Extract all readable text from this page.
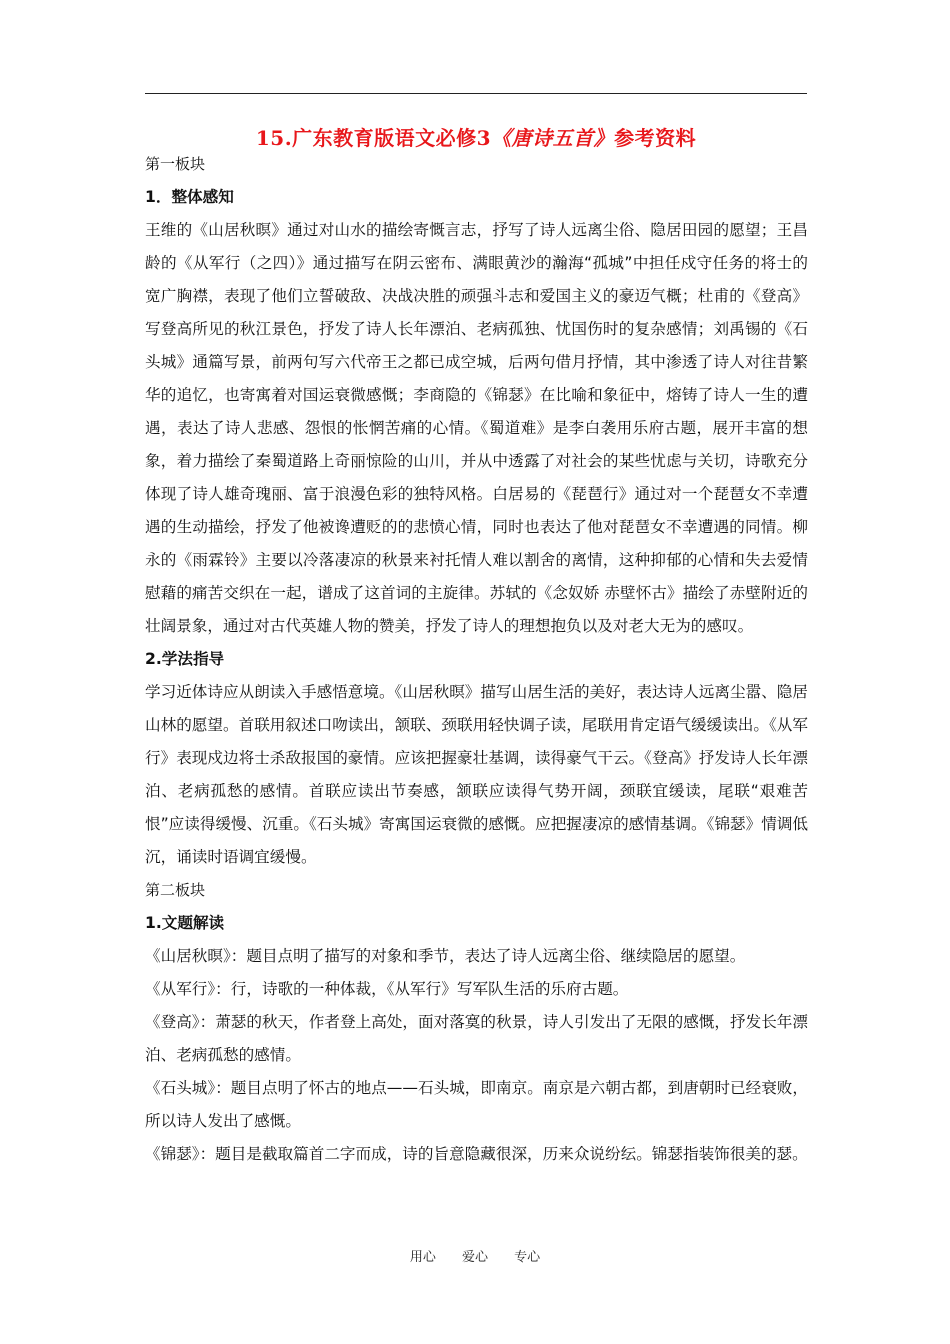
15.广东教育版语文必修3《唐诗五首》参考资料

第一板块

1．整体感知

王维的《山居秋暝》通过对山水的描绘寄慨言志，抒写了诗人远离尘俗、隐居田园的愿望；王昌龄的《从军行（之四）》通过描写在阴云密布、满眼黄沙的瀚海“孤城”中担任戍守任务的将士的宽广胸襟，表现了他们立誓破敌、决战决胜的顽强斗志和爱国主义的豪迈气概；杜甫的《登高》写登高所见的秋江景色，抒发了诗人长年漂泊、老病孤独、忧国伤时的复杂感情；刘禹锡的《石头城》通篇写景，前两句写六代帝王之都已成空城，后两句借月抒情，其中渗透了诗人对往昔繁华的追忆，也寄寓着对国运衰微感慨；李商隐的《锦瑟》在比喻和象征中，熔铸了诗人一生的遭遇，表达了诗人悲感、怨恨的怅惘苦痛的心情。《蜀道难》是李白袭用乐府古题，展开丰富的想象，着力描绘了秦蜀道路上奇丽惊险的山川，并从中透露了对社会的某些忧虑与关切，诗歌充分体现了诗人雄奇瑰丽、富于浪漫色彩的独特风格。白居易的《琵琶行》通过对一个琵琶女不幸遭遇的生动描绘，抒发了他被谗遭贬的的悲愤心情，同时也表达了他对琵琶女不幸遭遇的同情。柳永的《雨霖铃》主要以冷落凄凉的秋景来衬托情人难以割舍的离情，这种抑郁的心情和失去爱情慰藉的痛苦交织在一起，谱成了这首词的主旋律。苏轼的《念奴娇 赤壁怀古》描绘了赤壁附近的壮阔景象，通过对古代英雄人物的赞美，抒发了诗人的理想抱负以及对老大无为的感叹。

2.学法指导

学习近体诗应从朗读入手感悟意境。《山居秋暝》描写山居生活的美好，表达诗人远离尘嚣、隐居山林的愿望。首联用叙述口吻读出，颔联、颈联用轻快调子读，尾联用肯定语气缓缓读出。《从军行》表现戍边将士杀敌报国的豪情。应该把握豪壮基调，读得豪气干云。《登高》抒发诗人长年漂泊、老病孤愁的感情。首联应读出节奏感，颔联应读得气势开阔，颈联宜缓读，尾联“艰难苦恨”应读得缓慢、沉重。《石头城》寄寓国运衰微的感慨。应把握凄凉的感情基调。《锦瑟》情调低沉，诵读时语调宜缓慢。

第二板块

1.文题解读

《山居秋暝》：题目点明了描写的对象和季节，表达了诗人远离尘俗、继续隐居的愿望。

《从军行》：行，诗歌的一种体裁，《从军行》写军队生活的乐府古题。

《登高》：萧瑟的秋天，作者登上高处，面对落寞的秋景，诗人引发出了无限的感慨，抒发长年漂泊、老病孤愁的感情。

《石头城》：题目点明了怀古的地点——石头城，即南京。南京是六朝古都，到唐朝时已经衰败，所以诗人发出了感慨。

《锦瑟》：题目是截取篇首二字而成，诗的旨意隐藏很深，历来众说纷纭。锦瑟指装饰很美的瑟。

用心 爱心 专心
